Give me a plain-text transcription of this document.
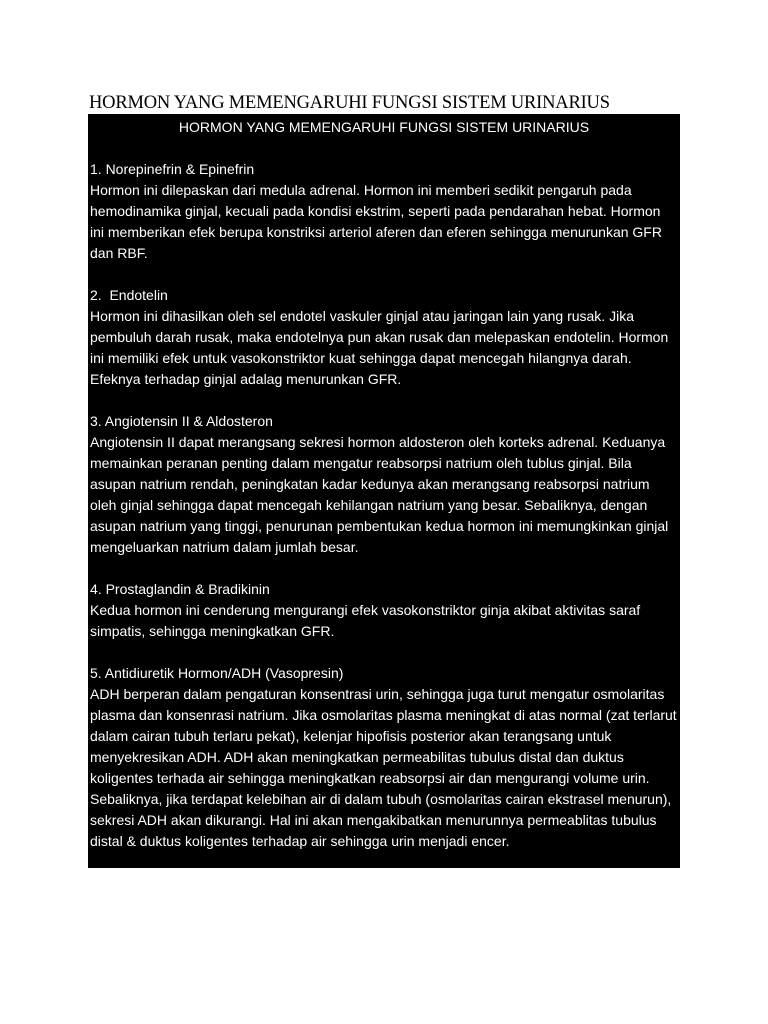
HORMON YANG MEMENGARUHI FUNGSI SISTEM URINARIUS
HORMON YANG MEMENGARUHI FUNGSI SISTEM URINARIUS

1. Norepinefrin & Epinefrin

Hormon ini dilepaskan dari medula adrenal. Hormon ini memberi sedikit pengaruh pada hemodinamika ginjal, kecuali pada kondisi ekstrim, seperti pada pendarahan hebat. Hormon ini memberikan efek berupa konstriksi arteriol aferen dan eferen sehingga menurunkan GFR dan RBF.

2.  Endotelin

Hormon ini dihasilkan oleh sel endotel vaskuler ginjal atau jaringan lain yang rusak. Jika pembuluh darah rusak, maka endotelnya pun akan rusak dan melepaskan endotelin. Hormon ini memiliki efek untuk vasokonstriktor kuat sehingga dapat mencegah hilangnya darah. Efeknya terhadap ginjal adalag menurunkan GFR.

3. Angiotensin II & Aldosteron

Angiotensin II dapat merangsang sekresi hormon aldosteron oleh korteks adrenal. Keduanya memainkan peranan penting dalam mengatur reabsorpsi natrium oleh tublus ginjal. Bila asupan natrium rendah, peningkatan kadar kedunya akan merangsang reabsorpsi natrium oleh ginjal sehingga dapat mencegah kehilangan natrium yang besar. Sebaliknya, dengan asupan natrium yang tinggi, penurunan pembentukan kedua hormon ini memungkinkan ginjal mengeluarkan natrium dalam jumlah besar.

4. Prostaglandin & Bradikinin

Kedua hormon ini cenderung mengurangi efek vasokonstriktor ginja akibat aktivitas saraf simpatis, sehingga meningkatkan GFR.

5. Antidiuretik Hormon/ADH (Vasopresin)

ADH berperan dalam pengaturan konsentrasi urin, sehingga juga turut mengatur osmolaritas plasma dan konsenrasi natrium. Jika osmolaritas plasma meningkat di atas normal (zat terlarut dalam cairan tubuh terlaru pekat), kelenjar hipofisis posterior akan terangsang untuk menyekresikan ADH. ADH akan meningkatkan permeabilitas tubulus distal dan duktus koligentes terhada air sehingga meningkatkan reabsorpsi air dan mengurangi volume urin. Sebaliknya, jika terdapat kelebihan air di dalam tubuh (osmolaritas cairan ekstrasel menurun), sekresi ADH akan dikurangi. Hal ini akan mengakibatkan menurunnya permeablitas tubulus distal & duktus koligentes terhadap air sehingga urin menjadi encer.
